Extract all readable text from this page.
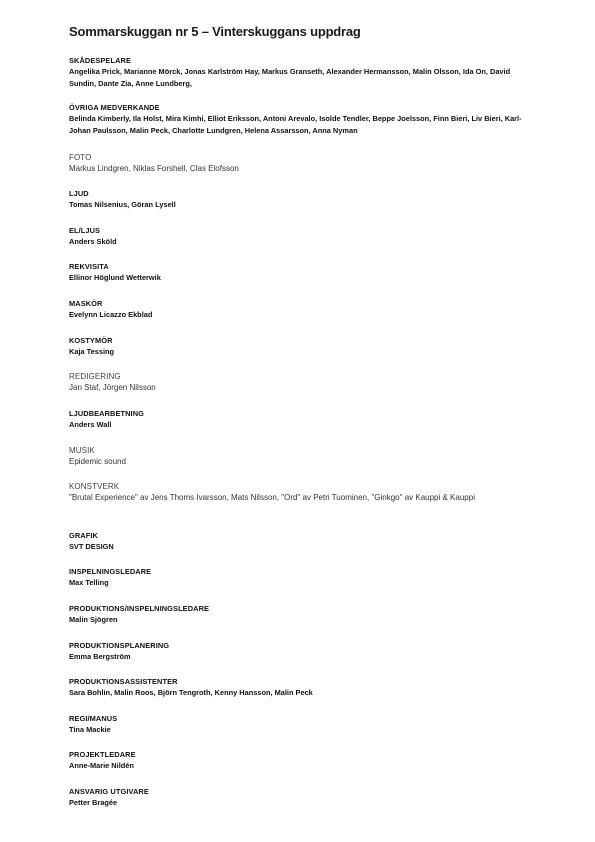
Sommarskuggan nr 5 – Vinterskuggans uppdrag
SKÅDESPELARE
Angelika Prick, Marianne Mörck, Jonas Karlström Hay, Markus Granseth, Alexander Hermansson, Malin Olsson, Ida On, David Sundin, Dante Zia, Anne Lundberg,
ÖVRIGA MEDVERKANDE
Belinda Kimberly, Ila Holst, Mira Kimhi, Elliot Eriksson, Antoni Arevalo, Isolde Tendler, Beppe Joelsson, Finn Bieri, Liv Bieri, Karl-Johan Paulsson, Malin Peck, Charlotte Lundgren, Helena Assarsson, Anna Nyman
FOTO
Markus Lindgren, Niklas Forshell, Clas Elofsson
LJUD
Tomas Nilsenius, Göran Lysell
EL/LJUS
Anders Sköld
REKVISITA
Ellinor Höglund Wetterwik
MASKÖR
Evelynn Licazzo Ekblad
KOSTYMÖR
Kaja Tessing
REDIGERING
Jan Staf, Jörgen Nilsson
LJUDBEARBETNING
Anders Wall
MUSIK
Epidemic sound
KONSTVERK
"Brutal Experience" av Jens Thoms Ivarsson, Mats Nilsson, "Ord" av Petri Tuominen, "Ginkgo" av Kauppi & Kauppi
GRAFIK
SVT DESIGN
INSPELNINGSLEDARE
Max Telling
PRODUKTIONS/INSPELNINGSLEDARE
Malin Sjögren
PRODUKTIONSPLANERING
Emma Bergström
PRODUKTIONSASSISTENTER
Sara Bohlin, Malin Roos, Björn Tengroth, Kenny Hansson, Malin Peck
REGI/MANUS
Tina Mackie
PROJEKTLEDARE
Anne-Marie Nildén
ANSVARIG UTGIVARE
Petter Bragée
